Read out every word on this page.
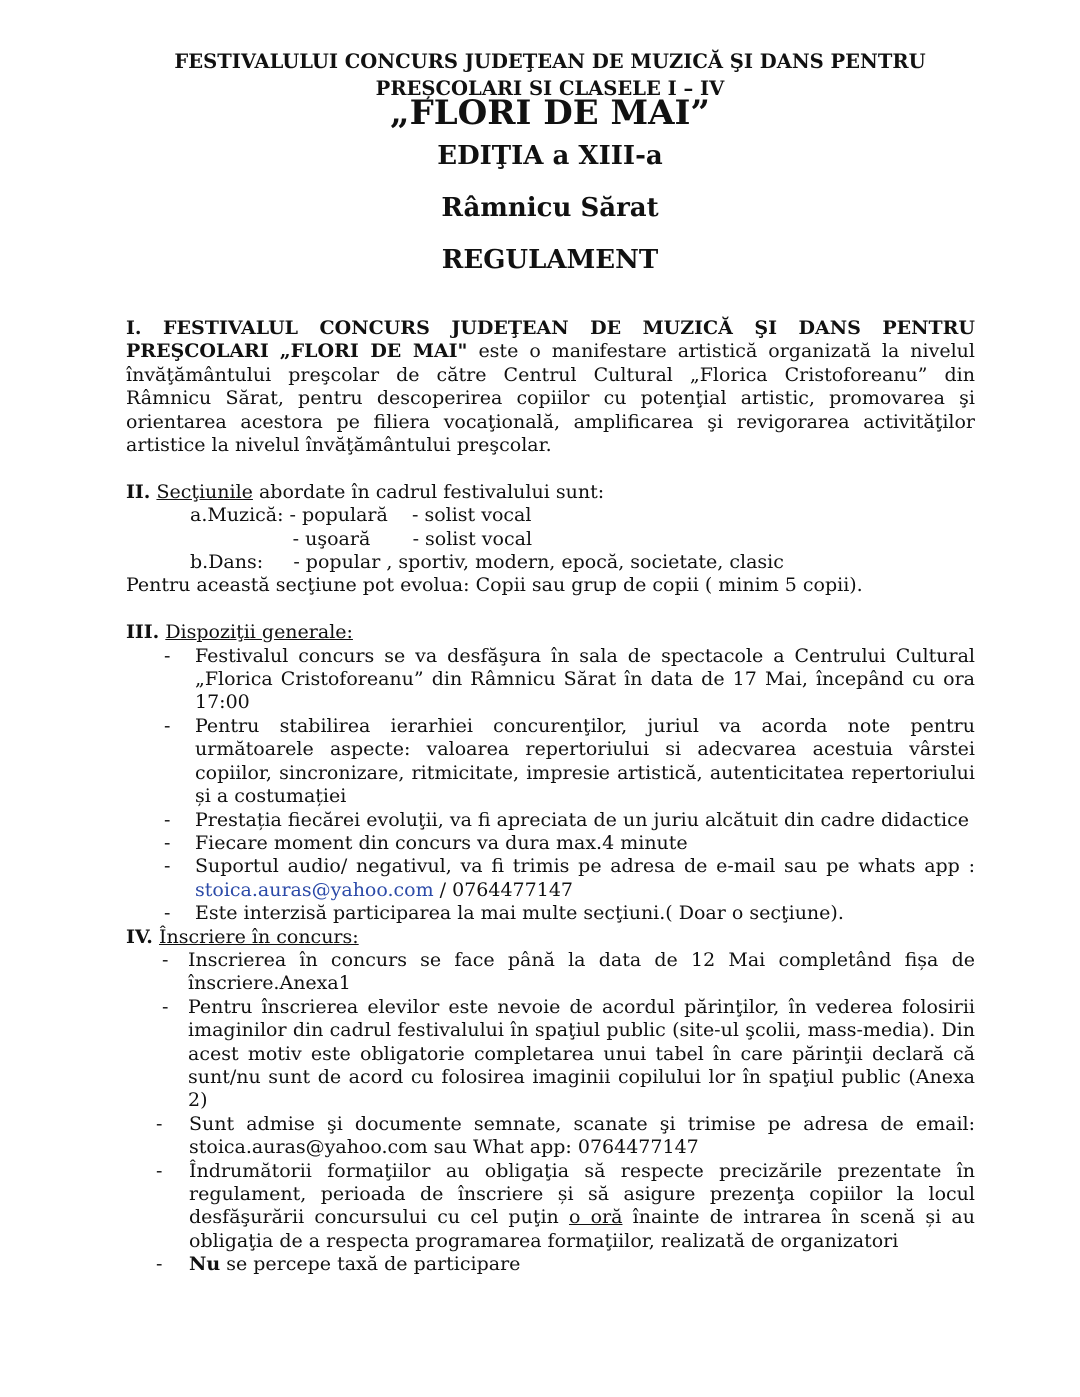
FESTIVALULUI CONCURS JUDEŢEAN DE MUZICĂ ŞI DANS PENTRU
PREȘCOLARI SI CLASELE I – IV
„FLORI DE MAI”
EDIŢIA a XIII-a
Râmnicu Sărat
REGULAMENT
I. FESTIVALUL CONCURS JUDEŢEAN DE MUZICĂ ŞI DANS PENTRU PREŞCOLARI „FLORI DE MAI" este o manifestare artistică organizată la nivelul învăţământului preşcolar de către Centrul Cultural „Florica Cristoforeanu” din Râmnicu Sărat, pentru descoperirea copiilor cu potenţial artistic, promovarea şi orientarea acestora pe filiera vocaţională, amplificarea şi revigorarea activităţilor artistice la nivelul învăţământului preşcolar.
II. Secţiunile abordate în cadrul festivalului sunt:
a.Muzică: - populară    - solist vocal
- uşoară       - solist vocal
b.Dans:     - popular , sportiv, modern, epocă, societate, clasic
Pentru această secţiune pot evolua: Copii sau grup de copii ( minim 5 copii).
III. Dispoziţii generale:
- Festivalul concurs se va desfăşura în sala de spectacole a Centrului Cultural „Florica Cristoforeanu” din Râmnicu Sărat în data de 17 Mai, începând cu ora 17:00
- Pentru stabilirea ierarhiei concurenţilor, juriul va acorda note pentru următoarele aspecte: valoarea repertoriului si adecvarea acestuia vârstei copiilor, sincronizare, ritmicitate, impresie artistică, autenticitatea repertoriului și a costumației
- Prestația fiecărei evoluţii, va fi apreciata de un juriu alcătuit din cadre didactice
- Fiecare moment din concurs va dura max.4 minute
- Suportul audio/ negativul, va fi trimis pe adresa de e-mail sau pe whats app : stoica.auras@yahoo.com / 0764477147
- Este interzisă participarea la mai multe secţiuni.( Doar o secţiune).
IV. Înscriere în concurs:
- Inscrierea în concurs se face până la data de 12 Mai completând fișa de înscriere.Anexa1
- Pentru înscrierea elevilor este nevoie de acordul părinţilor, în vederea folosirii imaginilor din cadrul festivalului în spaţiul public (site-ul şcolii, mass-media). Din acest motiv este obligatorie completarea unui tabel în care părinţii declară că sunt/nu sunt de acord cu folosirea imaginii copilului lor în spaţiul public (Anexa 2)
- Sunt admise şi documente semnate, scanate şi trimise pe adresa de email: stoica.auras@yahoo.com sau What app: 0764477147
- Îndrumătorii formaţiilor au obligaţia să respecte precizările prezentate în regulament, perioada de înscriere și să asigure prezenţa copiilor la locul desfăşurării concursului cu cel puţin o oră înainte de intrarea în scenă și au obligaţia de a respecta programarea formaţiilor, realizată de organizatori
- Nu se percepe taxă de participare
